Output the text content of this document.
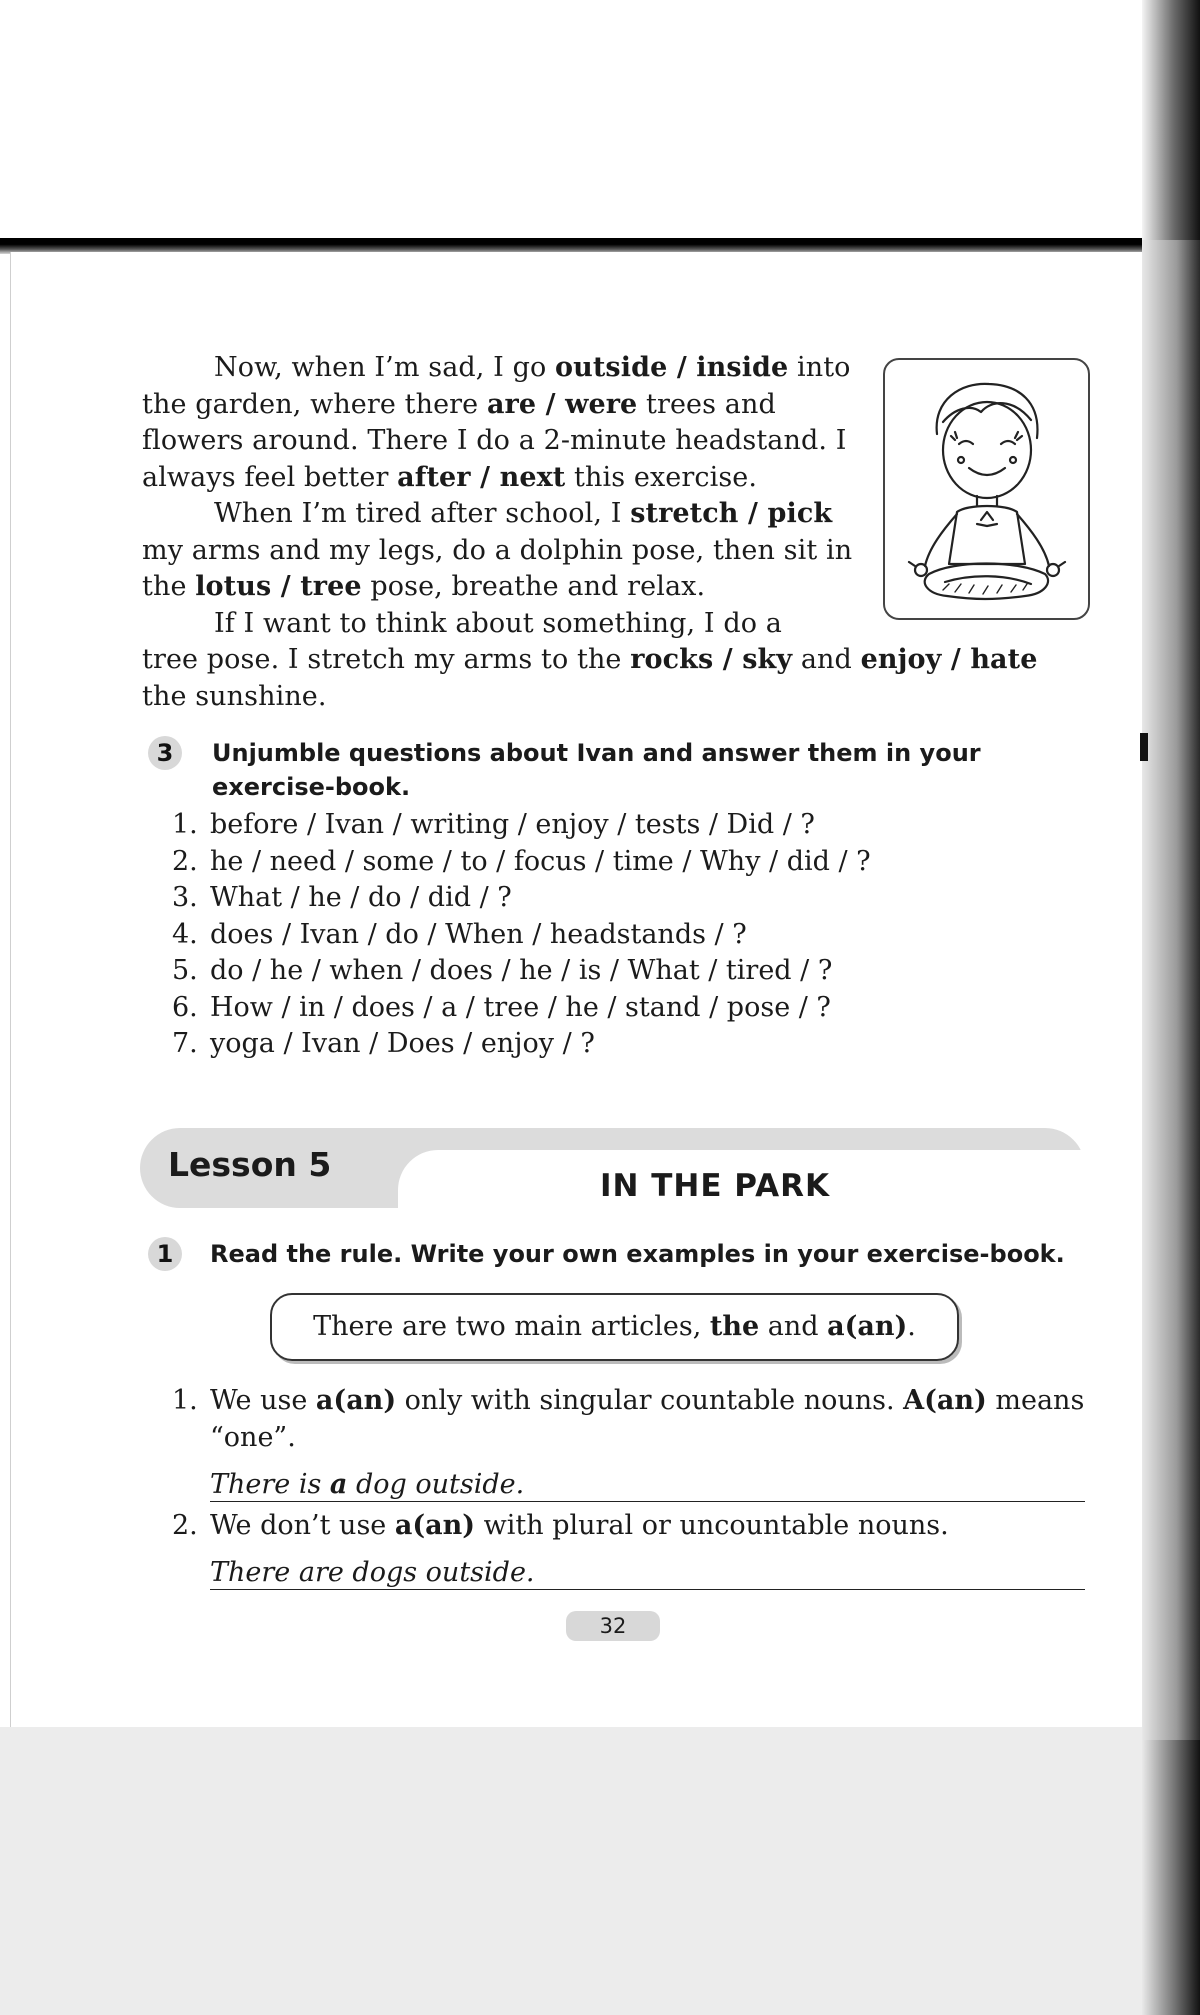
Now, when I’m sad, I go outside / inside into the garden, where there are / were trees and flowers around. There I do a 2-minute headstand. I always feel better after / next this exercise.

When I’m tired after school, I stretch / pick my arms and my legs, do a dolphin pose, then sit in the lotus / tree pose, breathe and relax.

If I want to think about something, I do a

tree pose. I stretch my arms to the rocks / sky and enjoy / hate the sunshine.

3	Unjumble questions about Ivan and answer them in your exercise-book.
1. before / Ivan / writing / enjoy / tests / Did / ?
2. he / need / some / to / focus / time / Why / did / ?
3. What / he / do / did / ?
4. does / Ivan / do / When / headstands / ?
5. do / he / when / does / he / is / What / tired / ?
6. How / in / does / a / tree / he / stand / pose / ?
7. yoga / Ivan / Does / enjoy / ?
Lesson 5
IN THE PARK
1	Read the rule. Write your own examples in your exercise-book.
There are two main articles, the and a(an).
1. We use a(an) only with singular countable nouns. A(an) means “one”.
There is a dog outside.
2. We don’t use a(an) with plural or uncountable nouns.
There are dogs outside.
32
